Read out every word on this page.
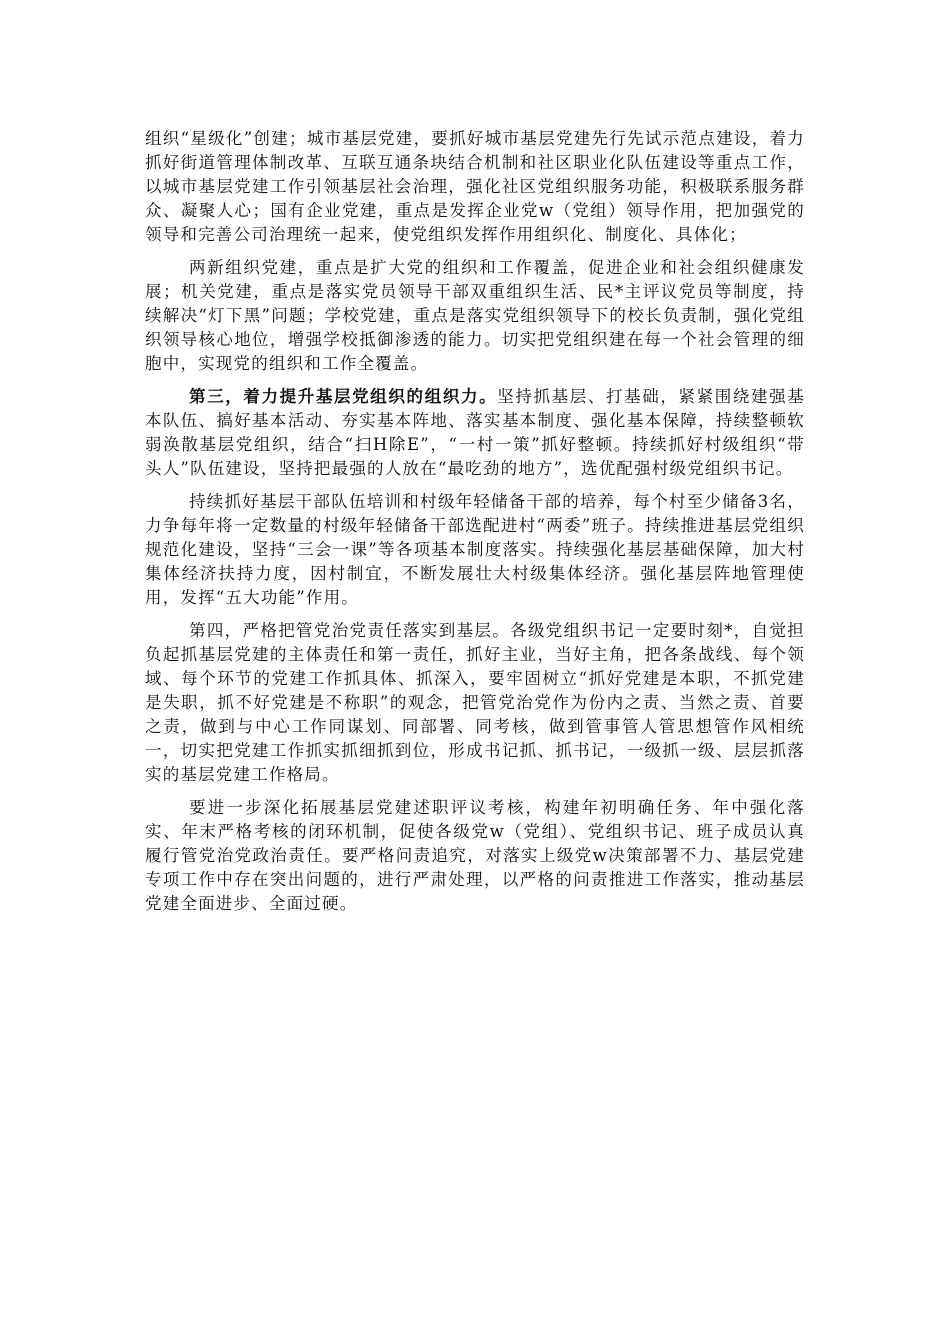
组织“星级化”创建；城市基层党建，要抓好城市基层党建先行先试示范点建设，着力抓好街道管理体制改革、互联互通条块结合机制和社区职业化队伍建设等重点工作，以城市基层党建工作引领基层社会治理，强化社区党组织服务功能，积极联系服务群众、凝聚人心；国有企业党建，重点是发挥企业党w（党组）领导作用，把加强党的领导和完善公司治理统一起来，使党组织发挥作用组织化、制度化、具体化；

两新组织党建，重点是扩大党的组织和工作覆盖，促进企业和社会组织健康发展；机关党建，重点是落实党员领导干部双重组织生活、民*主评议党员等制度，持续解决“灯下黑”问题；学校党建，重点是落实党组织领导下的校长负责制，强化党组织领导核心地位，增强学校抵御渗透的能力。切实把党组织建在每一个社会管理的细胞中，实现党的组织和工作全覆盖。

第三，着力提升基层党组织的组织力。坚持抓基层、打基础，紧紧围绕建强基本队伍、搞好基本活动、夯实基本阵地、落实基本制度、强化基本保障，持续整顿软弱涣散基层党组织，结合“扫H除E”，“一村一策”抓好整顿。持续抓好村级组织“带头人”队伍建设，坚持把最强的人放在“最吃劲的地方”，选优配强村级党组织书记。

持续抓好基层干部队伍培训和村级年轻储备干部的培养，每个村至少储备3名，力争每年将一定数量的村级年轻储备干部选配进村“两委”班子。持续推进基层党组织规范化建设，坚持“三会一课”等各项基本制度落实。持续强化基层基础保障，加大村集体经济扶持力度，因村制宜，不断发展壮大村级集体经济。强化基层阵地管理使用，发挥“五大功能”作用。

第四，严格把管党治党责任落实到基层。各级党组织书记一定要时刻*，自觉担负起抓基层党建的主体责任和第一责任，抓好主业，当好主角，把各条战线、每个领域、每个环节的党建工作抓具体、抓深入，要牢固树立“抓好党建是本职，不抓党建是失职，抓不好党建是不称职”的观念，把管党治党作为份内之责、当然之责、首要之责，做到与中心工作同谋划、同部署、同考核，做到管事管人管思想管作风相统一，切实把党建工作抓实抓细抓到位，形成书记抓、抓书记，一级抓一级、层层抓落实的基层党建工作格局。

要进一步深化拓展基层党建述职评议考核，构建年初明确任务、年中强化落实、年末严格考核的闭环机制，促使各级党w（党组）、党组织书记、班子成员认真履行管党治党政治责任。要严格问责追究，对落实上级党w决策部署不力、基层党建专项工作中存在突出问题的，进行严肃处理，以严格的问责推进工作落实，推动基层党建全面进步、全面过硬。
